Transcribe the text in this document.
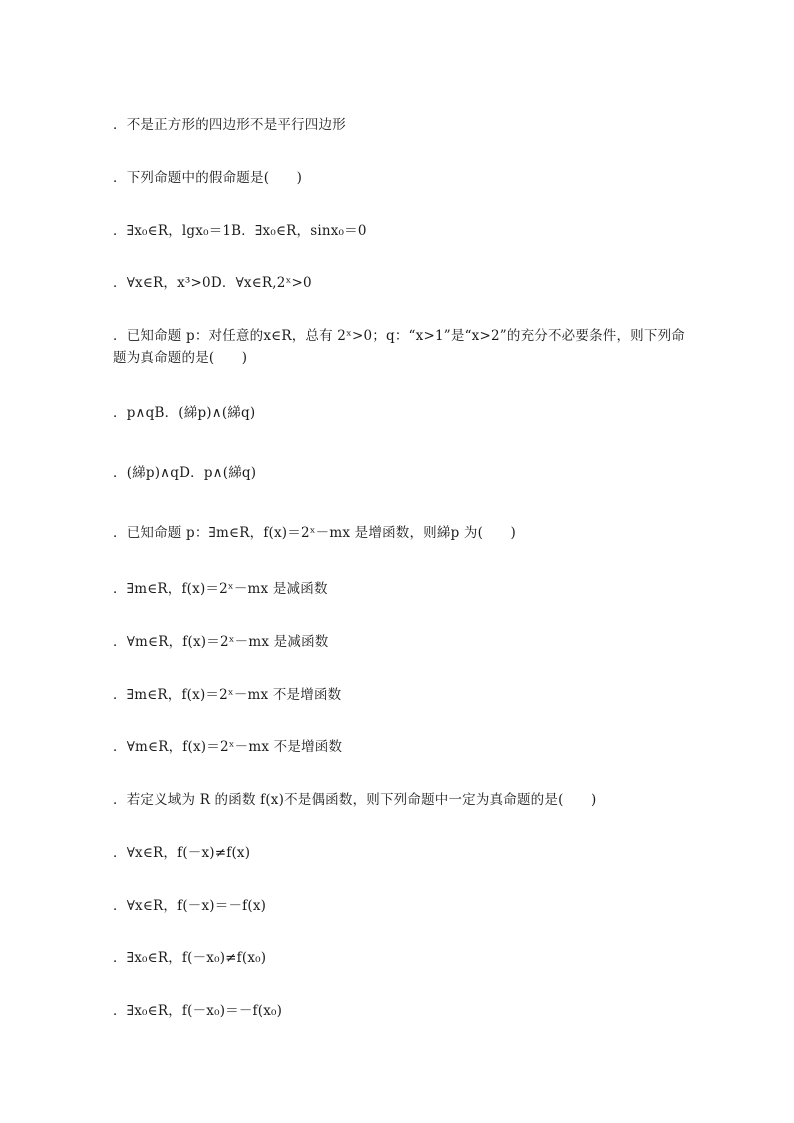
．不是正方形的四边形不是平行四边形
．下列命题中的假命题是(　　)
．∃x₀∈R，lgx₀＝1B．∃x₀∈R，sinx₀＝0
．∀x∈R，x³>0D．∀x∈R,2ˣ>0
．已知命题 p：对任意的x∈R，总有 2ˣ>0；q：“x>1”是“x>2”的充分不必要条件，则下列命题为真命题的是(　　)
．p∧qB．(綈p)∧(綈q)
．(綈p)∧qD．p∧(綈q)
．已知命题 p：∃m∈R，f(x)＝2ˣ－mx 是增函数，则綈p 为(　　)
．∃m∈R，f(x)＝2ˣ－mx 是减函数
．∀m∈R，f(x)＝2ˣ－mx 是减函数
．∃m∈R，f(x)＝2ˣ－mx 不是增函数
．∀m∈R，f(x)＝2ˣ－mx 不是增函数
．若定义域为 R 的函数 f(x)不是偶函数，则下列命题中一定为真命题的是(　　)
．∀x∈R，f(－x)≠f(x)
．∀x∈R，f(－x)＝－f(x)
．∃x₀∈R，f(－x₀)≠f(x₀)
．∃x₀∈R，f(－x₀)＝－f(x₀)
